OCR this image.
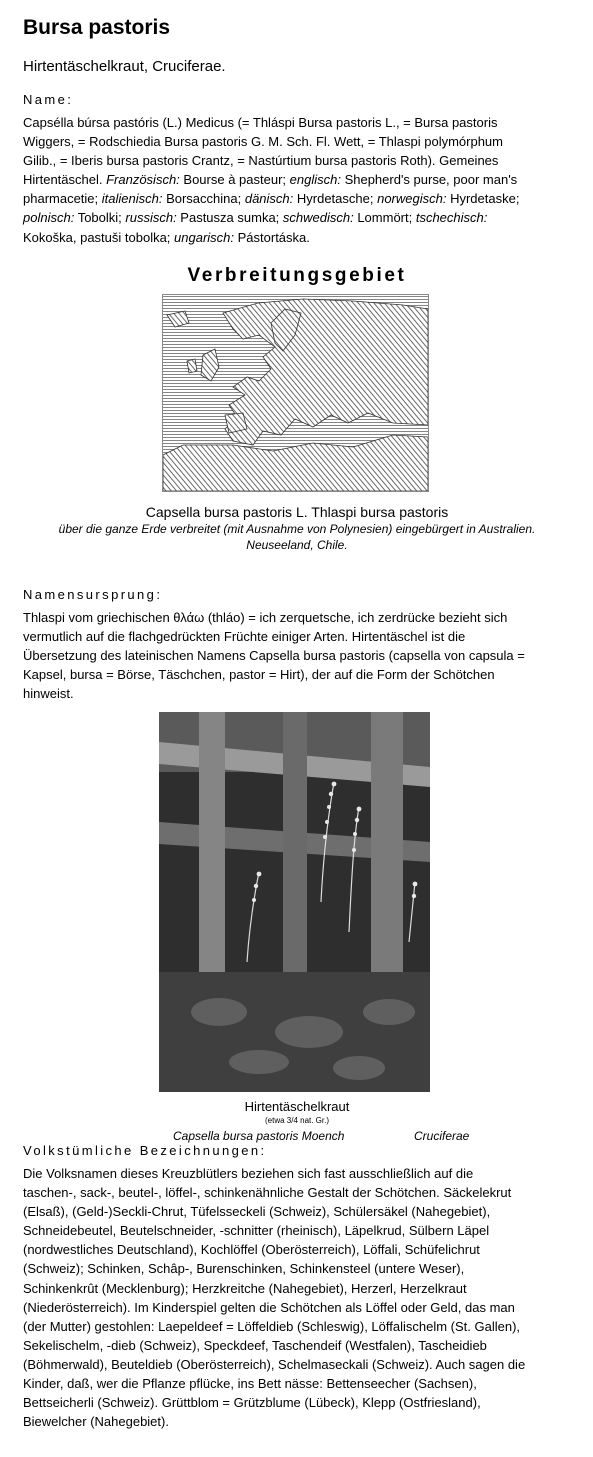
Bursa pastoris

Hirtentäschelkraut, Cruciferae.

Name:

Capsélla búrsa pastóris (L.) Medicus (= Thláspi Bursa pastoris L., = Bursa pastoris
Wiggers, = Rodschiedia Bursa pastoris G. M. Sch. Fl. Wett, = Thlaspi polymórphum
Gilib., = Iberis bursa pastoris Crantz, = Nastúrtium bursa pastoris Roth). Gemeines
Hirtentäschel. Französisch: Bourse à pasteur; englisch: Shepherd's purse, poor man's
pharmacetie; italienisch: Borsacchina; dänisch: Hyrdetasche; norwegisch: Hyrdetaske;
polnisch: Tobolki; russisch: Pastusza sumka; schwedisch: Lommört; tschechisch:
Kokoška, pastuši tobolka; ungarisch: Pástortáska.
Verbreitungsgebiet
Capsella bursa pastoris L. Thlaspi bursa pastoris
über die ganze Erde verbreitet (mit Ausnahme von Polynesien) eingebürgert in Australien.
Neuseeland, Chile.

Namensursprung:

Thlaspi vom griechischen θλάω (thláo) = ich zerquetsche, ich zerdrücke bezieht sich
vermutlich auf die flachgedrückten Früchte einiger Arten. Hirtentäschel ist die
Übersetzung des lateinischen Namens Capsella bursa pastoris (capsella von capsula =
Kapsel, bursa = Börse, Täschchen, pastor = Hirt), der auf die Form der Schötchen
hinweist.
Hirtentäschelkraut
(etwa 3/4 nat. Gr.)
Capsella bursa pastoris Moench	Cruciferae

Volkstümliche Bezeichnungen:

Die Volksnamen dieses Kreuzblütlers beziehen sich fast ausschließlich auf die
taschen-, sack-, beutel-, löffel-, schinkenähnliche Gestalt der Schötchen. Säckelekrut
(Elsaß), (Geld-)Seckli-Chrut, Tüfelsseckeli (Schweiz), Schülersäkel (Nahegebiet),
Schneidebeutel, Beutelschneider, -schnitter (rheinisch), Läpelkrud, Sülbern Läpel
(nordwestliches Deutschland), Kochlöffel (Oberösterreich), Löffali, Schüfelichrut
(Schweiz); Schinken, Schâp-, Burenschinken, Schinkensteel (untere Weser),
Schinkenkrût (Mecklenburg); Herzkreitche (Nahegebiet), Herzerl, Herzelkraut
(Niederösterreich). Im Kinderspiel gelten die Schötchen als Löffel oder Geld, das man
(der Mutter) gestohlen: Laepeldeef = Löffeldieb (Schleswig), Löffalischelm (St. Gallen),
Sekelischelm, -dieb (Schweiz), Speckdeef, Taschendeif (Westfalen), Tascheidieb
(Böhmerwald), Beuteldieb (Oberösterreich), Schelmaseckali (Schweiz). Auch sagen die
Kinder, daß, wer die Pflanze pflücke, ins Bett nässe: Bettenseecher (Sachsen),
Bettseicherli (Schweiz). Grüttblom = Grützblume (Lübeck), Klepp (Ostfriesland),
Biewelcher (Nahegebiet).
